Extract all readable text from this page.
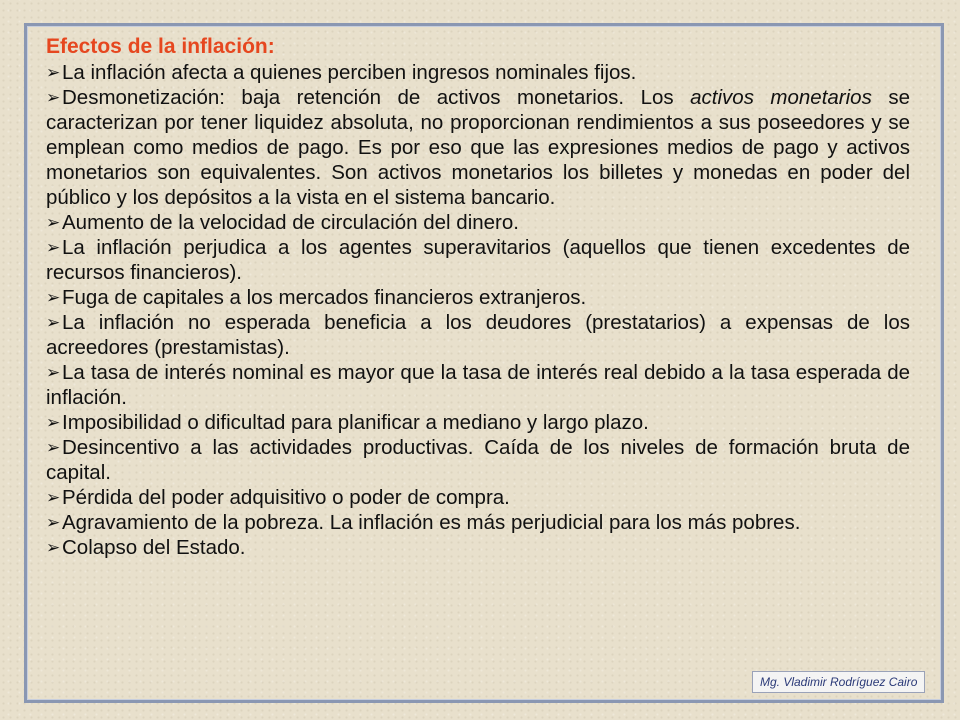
Efectos de la inflación:
➢La inflación afecta a quienes perciben ingresos nominales fijos.
➢Desmonetización: baja retención de activos monetarios. Los activos monetarios se caracterizan por tener liquidez absoluta, no proporcionan rendimientos a sus poseedores y se emplean como medios de pago. Es por eso que las expresiones medios de pago y activos monetarios son equivalentes. Son activos monetarios los billetes y monedas en poder del público y los depósitos a la vista en el sistema bancario.
➢Aumento de la velocidad de circulación del dinero.
➢La inflación perjudica a los agentes superavitarios (aquellos que tienen excedentes de recursos financieros).
➢Fuga de capitales a los mercados financieros extranjeros.
➢La inflación no esperada beneficia a los deudores (prestatarios) a expensas de los acreedores (prestamistas).
➢La tasa de interés nominal es mayor que la tasa de interés real debido a la tasa esperada de inflación.
➢Imposibilidad o dificultad para planificar a mediano y largo plazo.
➢Desincentivo a las actividades productivas. Caída de los niveles de formación bruta de capital.
➢Pérdida del poder adquisitivo o poder de compra.
➢Agravamiento de la pobreza. La inflación es más perjudicial para los más pobres.
➢Colapso del Estado.
Mg. Vladimir Rodríguez Cairo
